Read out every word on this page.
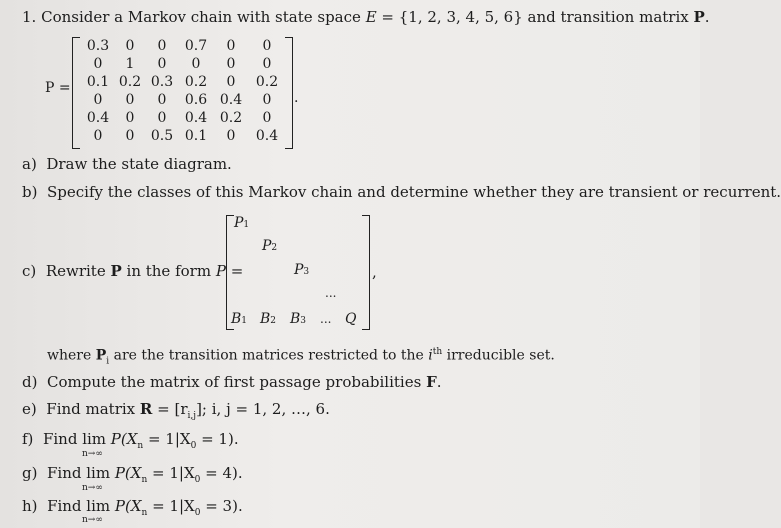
1. Consider a Markov chain with state space E = {1, 2, 3, 4, 5, 6} and transition matrix P.
P =
.
0.3	0	0	0.7	0	0
0	1	0	0	0	0
0.1 0.2 0.3 0.2	0	0.2
0	0	0	0.6 0.4	0
0.4	0	0	0.4 0.2	0
0	0	0.5 0.1	0	0.4
a) Draw the state diagram.
b) Specify the classes of this Markov chain and determine whether they are transient or recurrent.
c) Rewrite P in the form P =
P1
P2
P3
...
B1 B2 B3 ... Q
,
where $P_i$ are the transition matrices restricted to the $i^{th}$ irreducible set.
d) Compute the matrix of first passage probabilities F.
e) Find matrix $R = [r_{i,j}]$; i, j = 1, 2, …, 6.
f) Find $\lim P(X_n = 1|X_0 = 1)$.
n→∞
g) Find $\lim P(X_n = 1|X_0 = 4)$.
n→∞
h) Find $\lim P(X_n = 1|X_0 = 3)$.
n→∞
